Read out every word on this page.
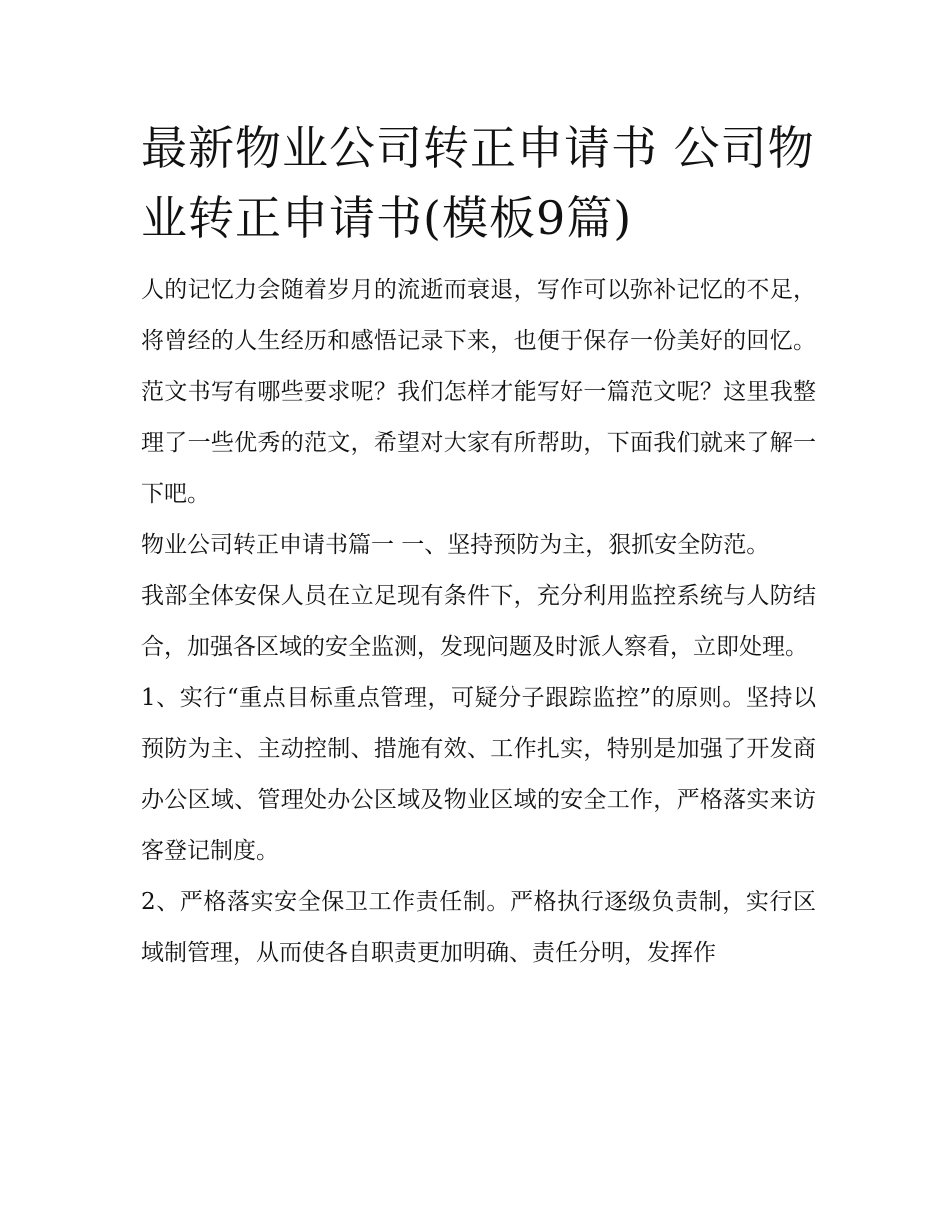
最新物业公司转正申请书 公司物业转正申请书(模板9篇)

人的记忆力会随着岁月的流逝而衰退，写作可以弥补记忆的不足，将曾经的人生经历和感悟记录下来，也便于保存一份美好的回忆。范文书写有哪些要求呢？我们怎样才能写好一篇范文呢？这里我整理了一些优秀的范文，希望对大家有所帮助，下面我们就来了解一下吧。

物业公司转正申请书篇一 一、坚持预防为主，狠抓安全防范。

我部全体安保人员在立足现有条件下，充分利用监控系统与人防结合，加强各区域的安全监测，发现问题及时派人察看，立即处理。

1、实行“重点目标重点管理，可疑分子跟踪监控”的原则。坚持以预防为主、主动控制、措施有效、工作扎实，特别是加强了开发商办公区域、管理处办公区域及物业区域的安全工作，严格落实来访客登记制度。

2、严格落实安全保卫工作责任制。严格执行逐级负责制，实行区域制管理，从而使各自职责更加明确、责任分明，发挥作
